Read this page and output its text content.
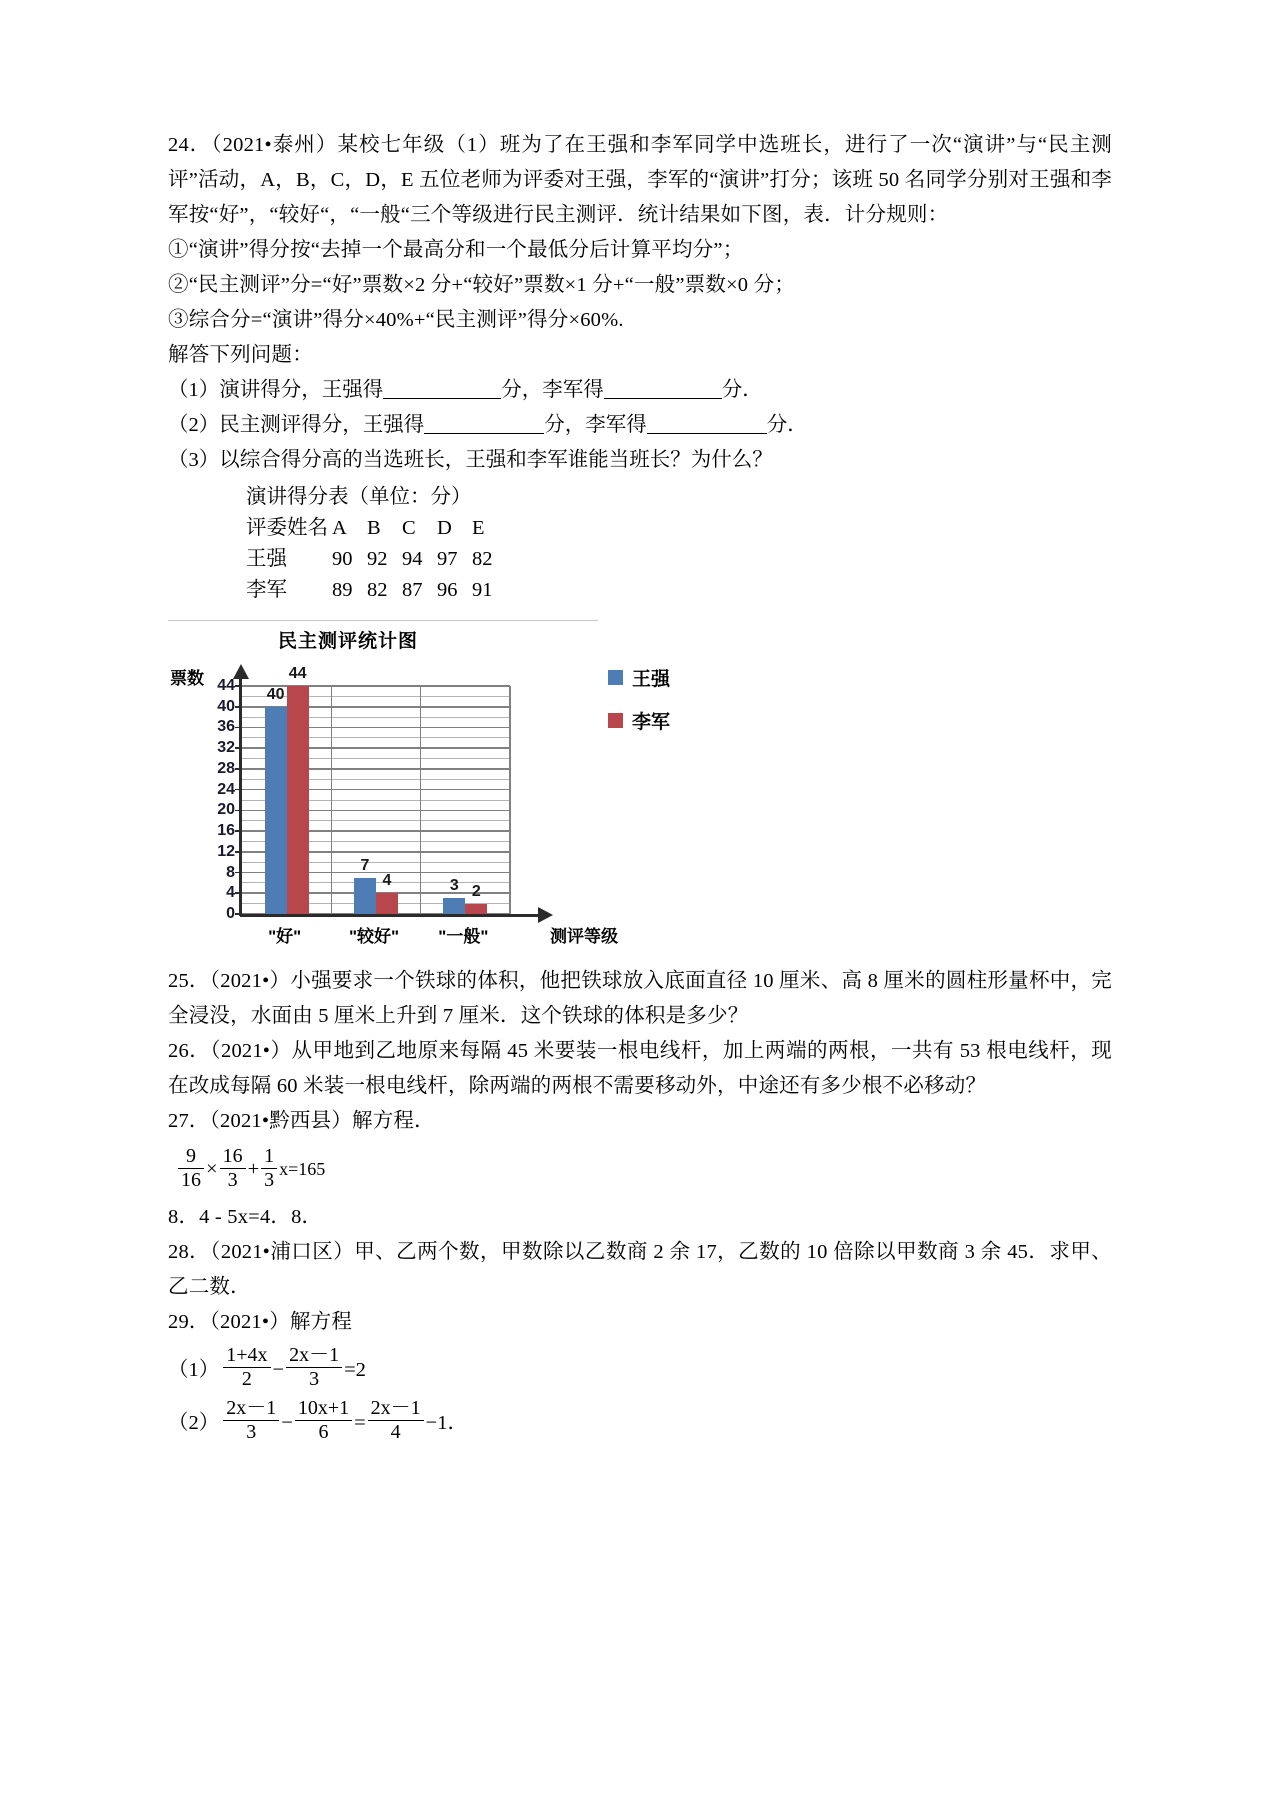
24．（2021•泰州）某校七年级（1）班为了在王强和李军同学中选班长，进行了一次“演讲”与“民主测评”活动，A，B，C，D，E 五位老师为评委对王强，李军的“演讲”打分；该班 50 名同学分别对王强和李军按“好”，“较好“，“一般“三个等级进行民主测评．统计结果如下图，表．计分规则：

①“演讲”得分按“去掉一个最高分和一个最低分后计算平均分”；

②“民主测评”分=“好”票数×2 分+“较好”票数×1 分+“一般”票数×0 分；

③综合分=“演讲”得分×40%+“民主测评”得分×60%.

解答下列问题：

（1）演讲得分，王强得	分，李军得	分．
（2）民主测评得分，王强得	分，李军得	分．
（3）以综合得分高的当选班长，王强和李军谁能当班长？为什么？
演讲得分表（单位：分）
评委姓名 A B C D E
王强 90 92 94 97 82
李军 89 82 87 96 91
民主测评统计图
票数
40
44
7
4	3 2
0
4
8
12
16
20
24
28
32
36
40
44
测评等级
王强
李军
"好"	"较好" "一般"

25．（2021•）小强要求一个铁球的体积，他把铁球放入底面直径 10 厘米、高 8 厘米的圆柱形量杯中，完全浸没，水面由 5 厘米上升到 7 厘米．这个铁球的体积是多少？

26．（2021•）从甲地到乙地原来每隔 45 米要装一根电线杆，加上两端的两根，一共有 53 根电线杆，现在改成每隔 60 米装一根电线杆，除两端的两根不需要移动外，中途还有多少根不必移动？

27．（2021•黔西县）解方程．

$\frac{9}{16} \times \frac{16}{3} + \frac{1}{3} x=165$

8．4 - 5x=4．8．

28．（2021•浦口区）甲、乙两个数，甲数除以乙数商 2 余 17，乙数的 10 倍除以甲数商 3 余 45．求甲、乙二数．

29．（2021•）解方程

$(1) \frac{1+4x}{2} - \frac{2x-1}{3} =2$
$(2) \frac{2x-1}{3} - \frac{10x+1}{6} = \frac{2x-1}{4} - 1$．
